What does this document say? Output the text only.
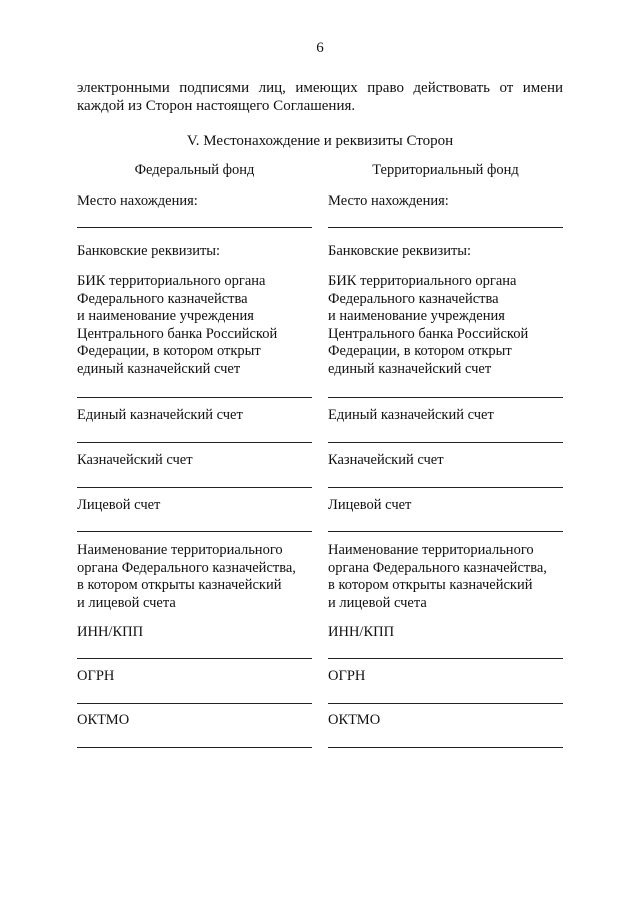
6
электронными подписями лиц, имеющих право действовать от имени
каждой из Сторон настоящего Соглашения.
V. Местонахождение и реквизиты Сторон
Федеральный фонд
Место нахождения:
Банковские реквизиты:
БИК территориального органа
Федерального казначейства
и наименование учреждения
Центрального банка Российской
Федерации, в котором открыт
единый казначейский счет
Единый казначейский счет
Казначейский счет
Лицевой счет
Наименование территориального
органа Федерального казначейства,
в котором открыты казначейский
и лицевой счета
ИНН/КПП
ОГРН
ОКТМО
Территориальный фонд
Место нахождения:
Банковские реквизиты:
БИК территориального органа
Федерального казначейства
и наименование учреждения
Центрального банка Российской
Федерации, в котором открыт
единый казначейский счет
Единый казначейский счет
Казначейский счет
Лицевой счет
Наименование территориального
органа Федерального казначейства,
в котором открыты казначейский
и лицевой счета
ИНН/КПП
ОГРН
ОКТМО
